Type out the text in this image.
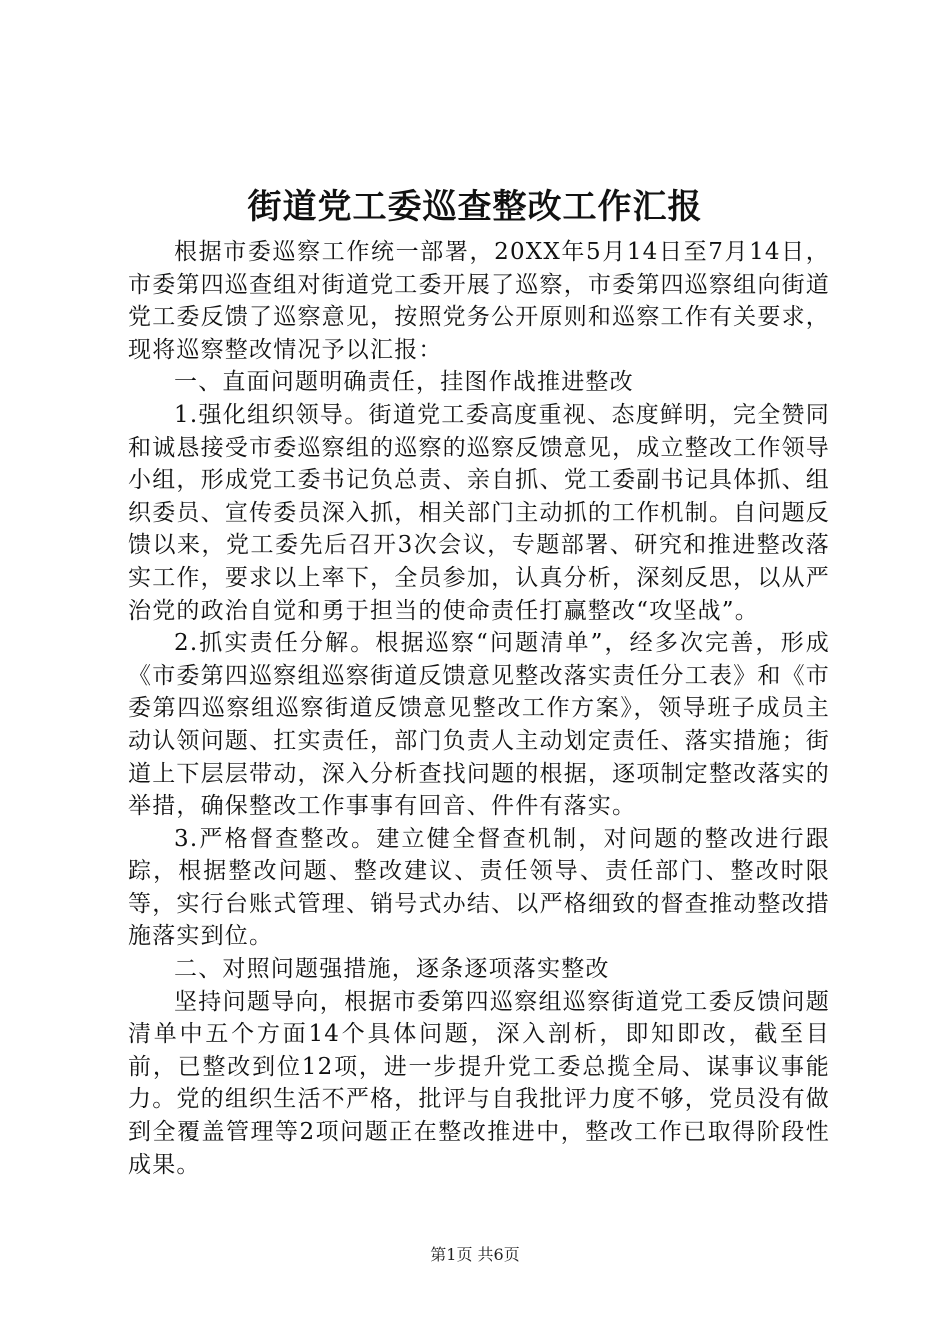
街道党工委巡查整改工作汇报

根据市委巡察工作统一部署，20XX年5月14日至7月14日，市委第四巡查组对街道党工委开展了巡察，市委第四巡察组向街道党工委反馈了巡察意见，按照党务公开原则和巡察工作有关要求，现将巡察整改情况予以汇报：

一、直面问题明确责任，挂图作战推进整改

1.强化组织领导。街道党工委高度重视、态度鲜明，完全赞同和诚恳接受市委巡察组的巡察的巡察反馈意见，成立整改工作领导小组，形成党工委书记负总责、亲自抓、党工委副书记具体抓、组织委员、宣传委员深入抓，相关部门主动抓的工作机制。自问题反馈以来，党工委先后召开3次会议，专题部署、研究和推进整改落实工作，要求以上率下，全员参加，认真分析，深刻反思，以从严治党的政治自觉和勇于担当的使命责任打赢整改“攻坚战”。

2.抓实责任分解。根据巡察“问题清单”，经多次完善，形成《市委第四巡察组巡察街道反馈意见整改落实责任分工表》和《市委第四巡察组巡察街道反馈意见整改工作方案》，领导班子成员主动认领问题、扛实责任，部门负责人主动划定责任、落实措施；街道上下层层带动，深入分析查找问题的根据，逐项制定整改落实的举措，确保整改工作事事有回音、件件有落实。

3.严格督查整改。建立健全督查机制，对问题的整改进行跟踪，根据整改问题、整改建议、责任领导、责任部门、整改时限等，实行台账式管理、销号式办结、以严格细致的督查推动整改措施落实到位。

二、对照问题强措施，逐条逐项落实整改

坚持问题导向，根据市委第四巡察组巡察街道党工委反馈问题清单中五个方面14个具体问题，深入剖析，即知即改，截至目前，已整改到位12项，进一步提升党工委总揽全局、谋事议事能力。党的组织生活不严格，批评与自我批评力度不够，党员没有做到全覆盖管理等2项问题正在整改推进中，整改工作已取得阶段性成果。

第1页 共6页
